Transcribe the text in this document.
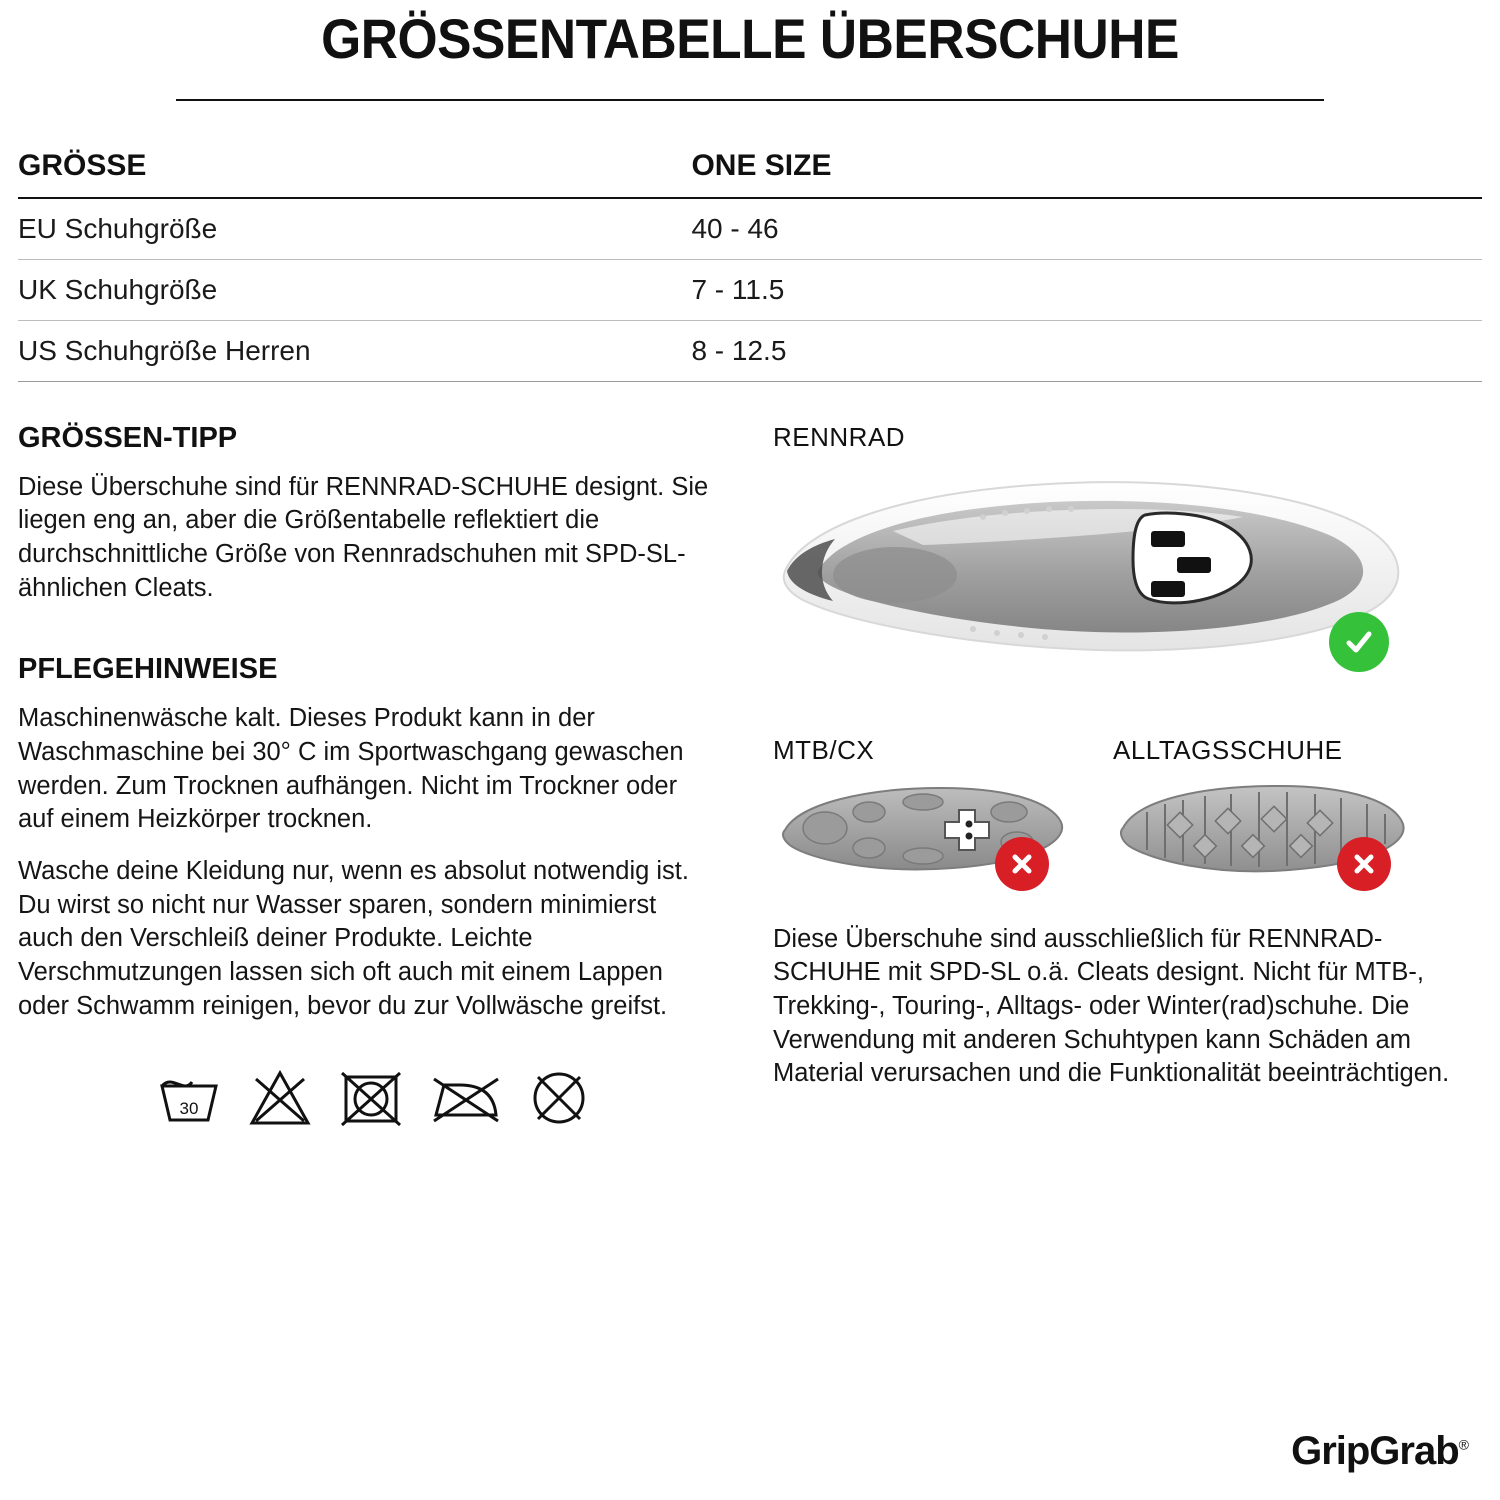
GRÖSSENTABELLE ÜBERSCHUHE
GRÖSSE	ONE SIZE
EU Schuhgröße	40 - 46
UK Schuhgröße	7 - 11.5
US Schuhgröße Herren	8 - 12.5
GRÖSSEN-TIPP

Diese Überschuhe sind für RENNRAD-SCHUHE designt. Sie liegen eng an, aber die Größentabelle reflektiert die durchschnittliche Größe von Rennradschuhen mit SPD-SL-ähnlichen Cleats.

PFLEGEHINWEISE

Maschinenwäsche kalt. Dieses Produkt kann in der Waschmaschine bei 30° C im Sportwaschgang gewaschen werden. Zum Trocknen aufhängen. Nicht im Trockner oder auf einem Heizkörper trocknen.

Wasche deine Kleidung nur, wenn es absolut notwendig ist. Du wirst so nicht nur Wasser sparen, sondern minimierst auch den Verschleiß deiner Produkte. Leichte Verschmutzungen lassen sich oft auch mit einem Lappen oder Schwamm reinigen, bevor du zur Vollwäsche greifst.

30
RENNRAD
MTB/CX	ALLTAGSSCHUHE

Diese Überschuhe sind ausschließlich für RENNRAD-SCHUHE mit SPD-SL o.ä. Cleats designt. Nicht für MTB-, Trekking-, Touring-, Alltags- oder Winter(rad)schuhe. Die Verwendung mit anderen Schuhtypen kann Schäden am Material verursachen und die Funktionalität beeinträchtigen.

GripGrab®
